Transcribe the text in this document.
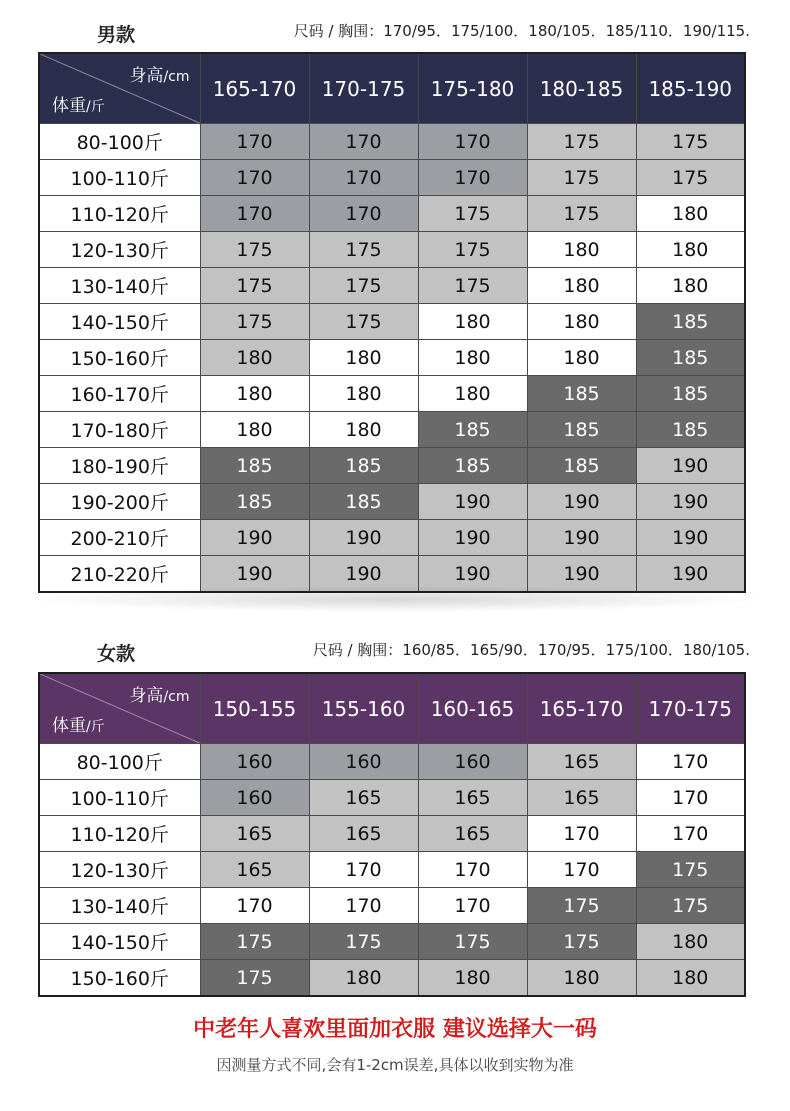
男款	尺码 / 胸围：170/95．175/100．180/105．185/110．190/115.
身高/cm
体重/斤	165-170	170-175	175-180	180-185	185-190
80-100斤	170	170	170	175	175
100-110斤	170	170	170	175	175
110-120斤	170	170	175	175	180
120-130斤	175	175	175	180	180
130-140斤	175	175	175	180	180
140-150斤	175	175	180	180	185
150-160斤	180	180	180	180	185
160-170斤	180	180	180	185	185
170-180斤	180	180	185	185	185
180-190斤	185	185	185	185	190
190-200斤	185	185	190	190	190
200-210斤	190	190	190	190	190
210-220斤	190	190	190	190	190
女款	尺码 / 胸围：160/85．165/90．170/95．175/100．180/105.
身高/cm
体重/斤	150-155	155-160	160-165	165-170	170-175
80-100斤	160	160	160	165	170
100-110斤	160	165	165	165	170
110-120斤	165	165	165	170	170
120-130斤	165	170	170	170	175
130-140斤	170	170	170	175	175
140-150斤	175	175	175	175	180
150-160斤	175	180	180	180	180
中老年人喜欢里面加衣服 建议选择大一码
因测量方式不同,会有1-2cm误差,具体以收到实物为准
